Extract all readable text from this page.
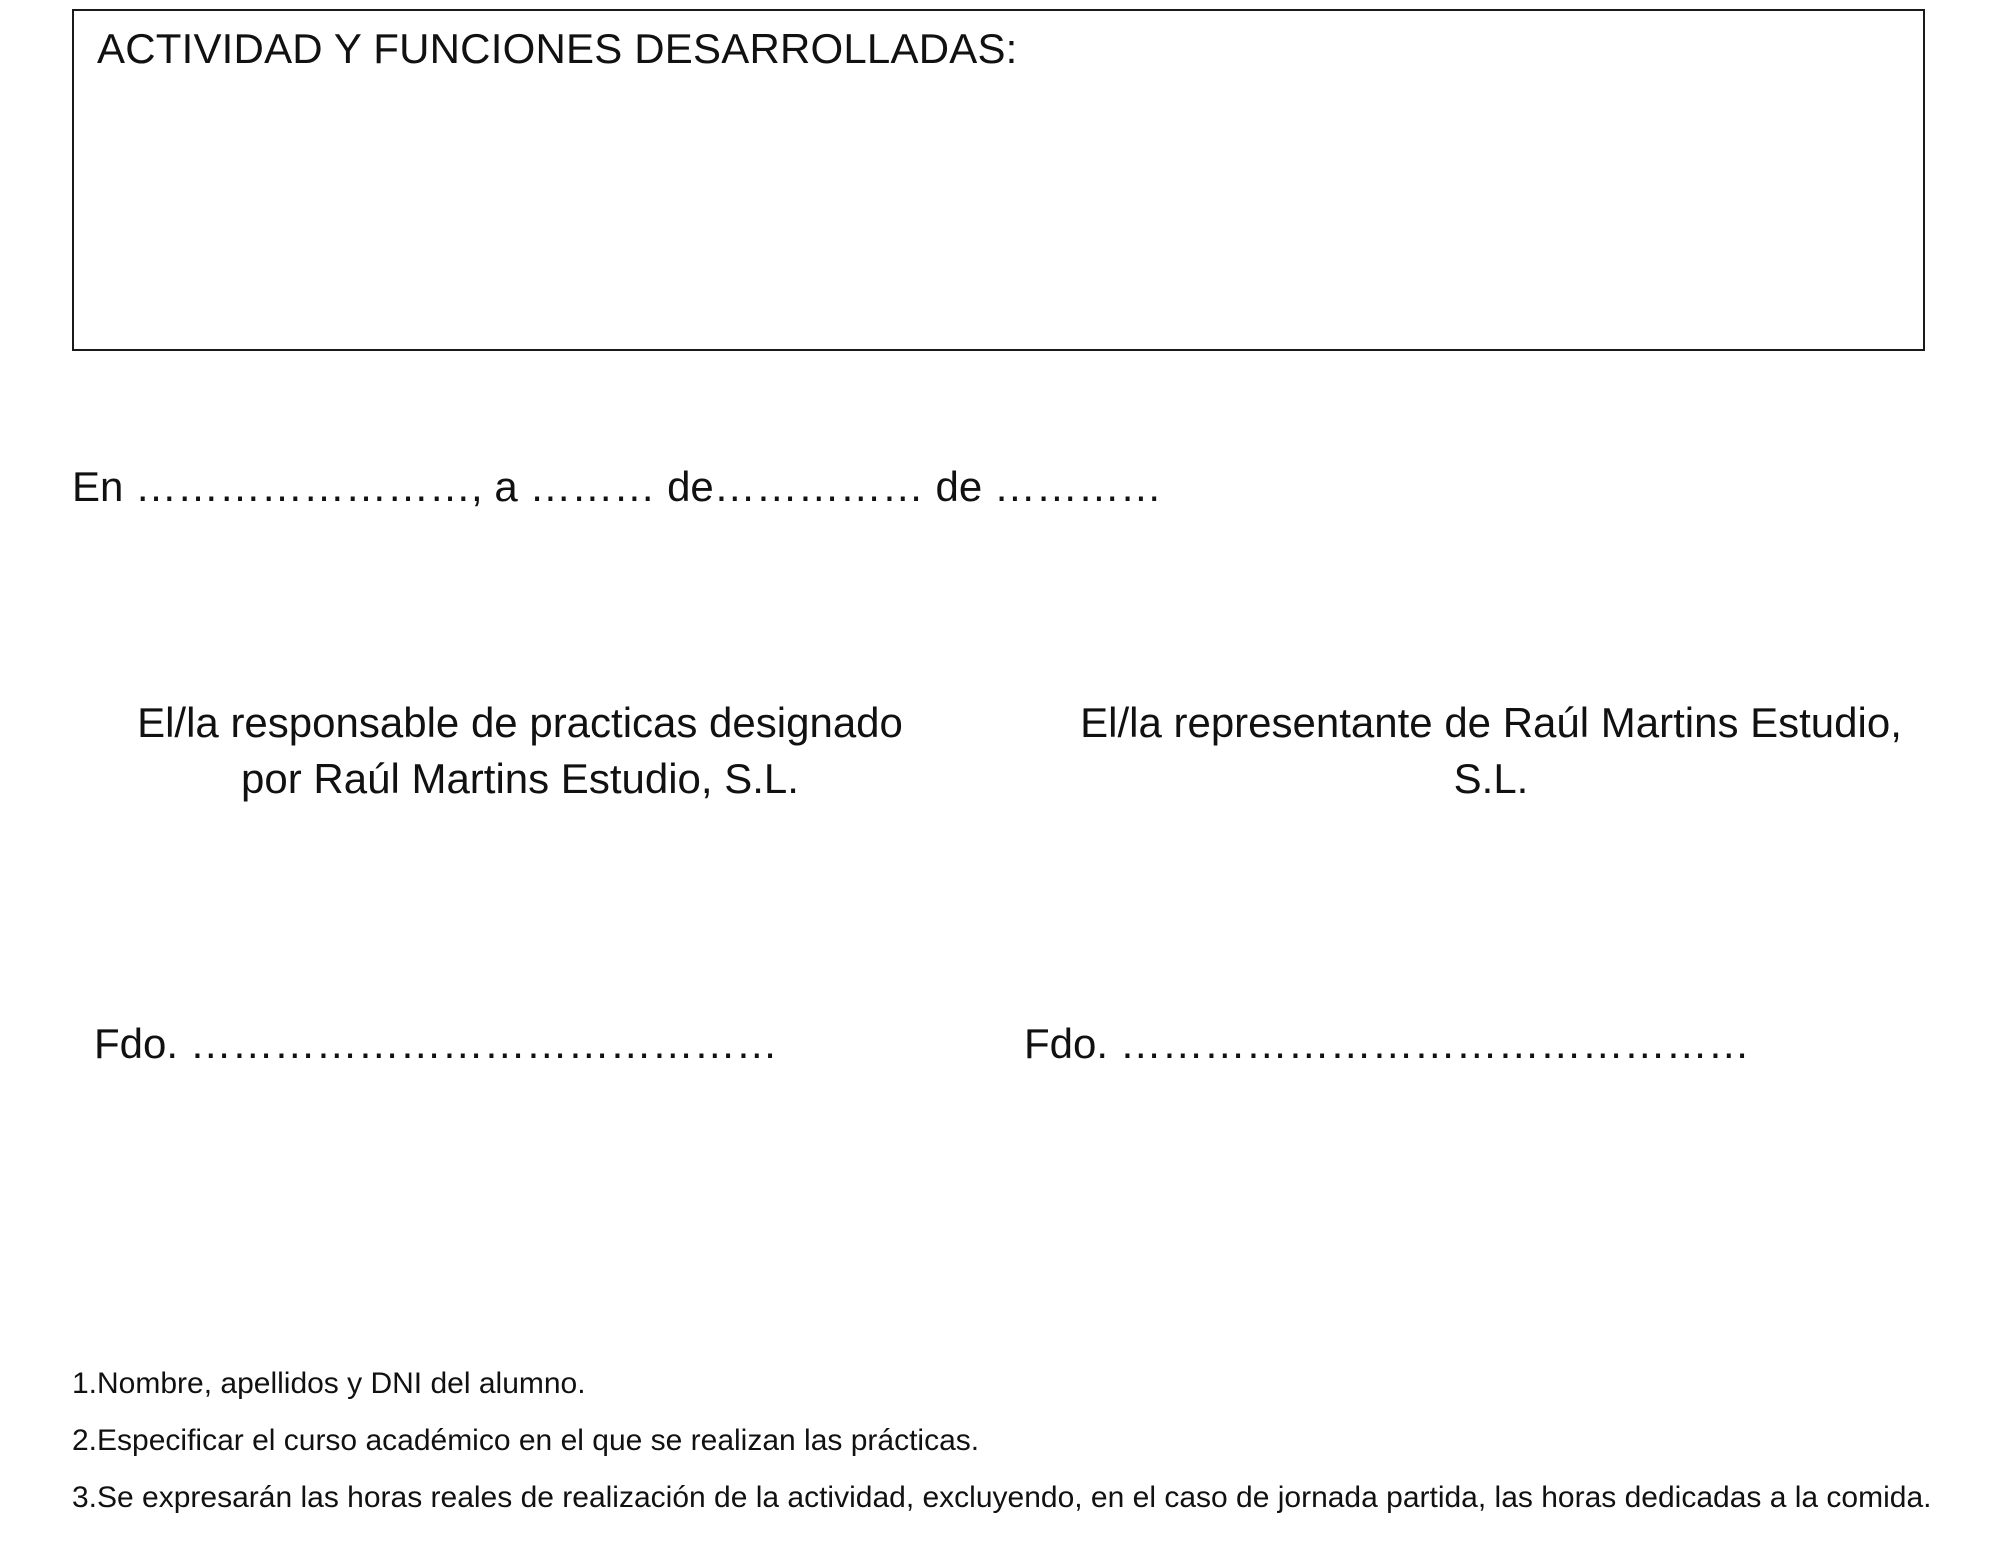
ACTIVIDAD Y FUNCIONES DESARROLLADAS:
En ……………………, a ……… de…………… de …………
El/la responsable de practicas designado
por Raúl Martins Estudio, S.L.
El/la representante de Raúl Martins Estudio,
S.L.
Fdo. ……………………………………	Fdo. ………………………………………
1.Nombre, apellidos y DNI del alumno.
2.Especificar el curso académico en el que se realizan las prácticas.
3.Se expresarán las horas reales de realización de la actividad, excluyendo, en el caso de jornada partida, las horas dedicadas a la comida.
